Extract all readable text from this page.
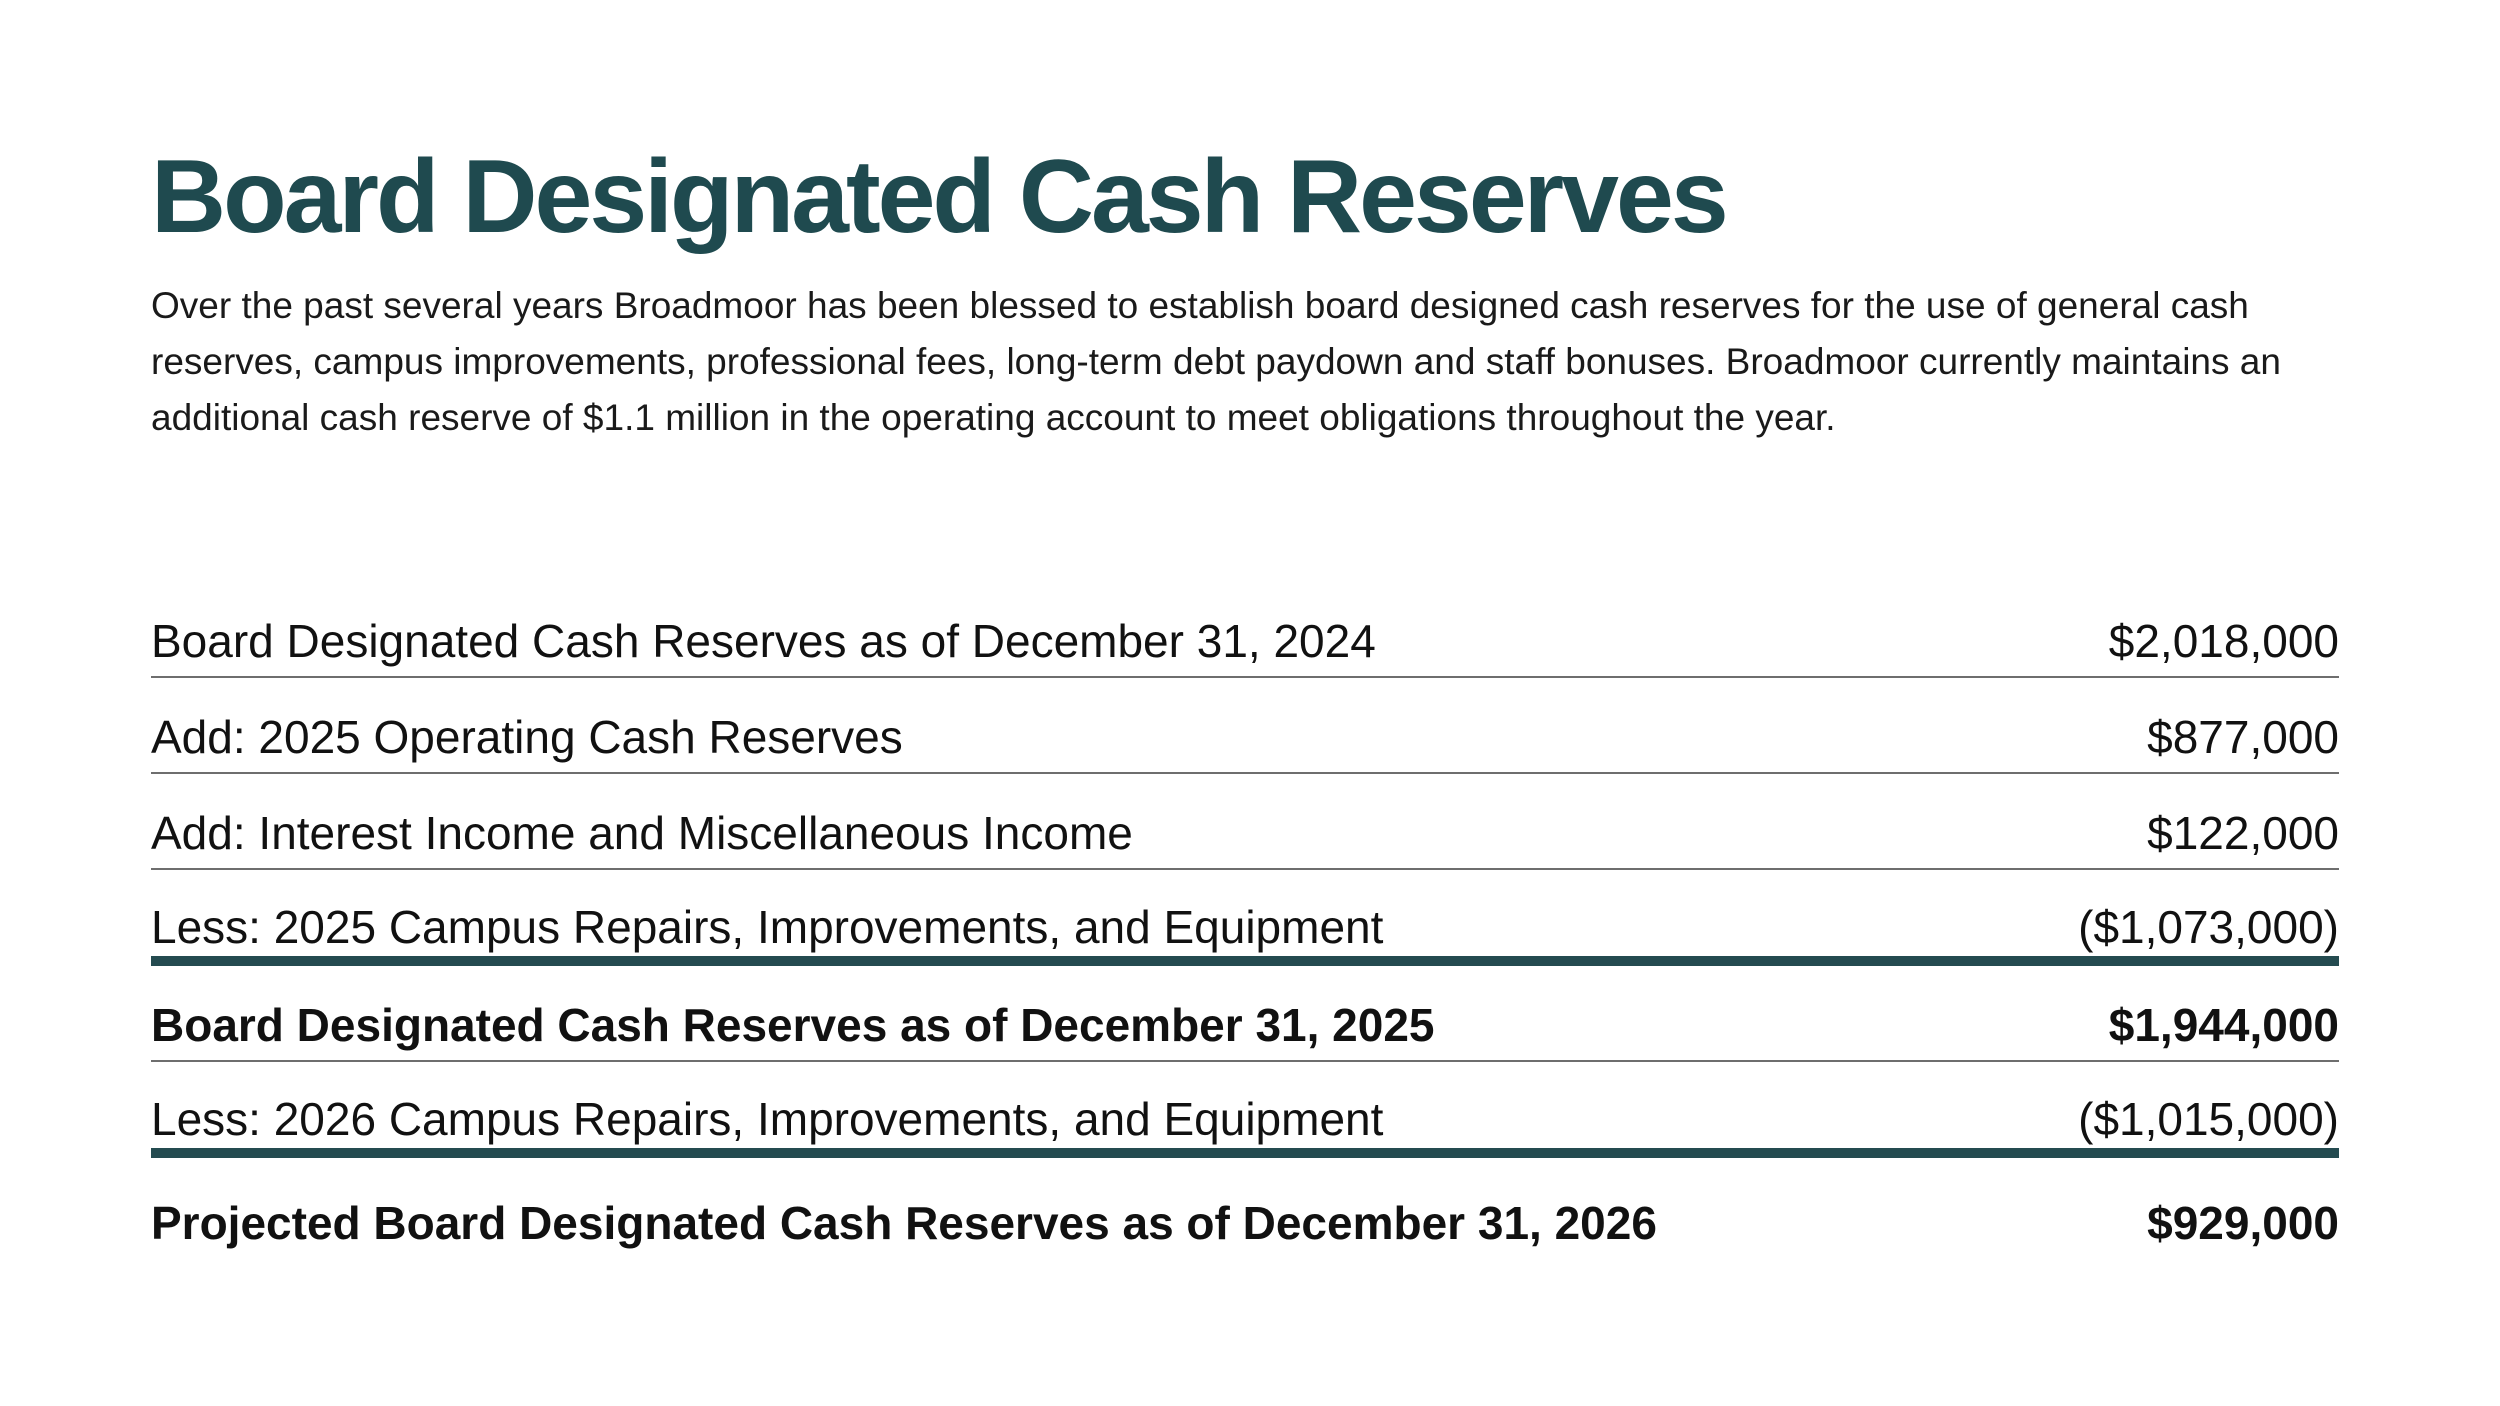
Board Designated Cash Reserves

Over the past several years Broadmoor has been blessed to establish board designed cash reserves for the use of general cash reserves, campus improvements, professional fees, long-term debt paydown and staff bonuses. Broadmoor currently maintains an additional cash reserve of $1.1 million in the operating account to meet obligations throughout the year.

Board Designated Cash Reserves as of December 31, 2024	$2,018,000
Add: 2025 Operating Cash Reserves	$877,000
Add: Interest Income and Miscellaneous Income	$122,000
Less: 2025 Campus Repairs, Improvements, and Equipment	($1,073,000)
Board Designated Cash Reserves as of December 31, 2025	$1,944,000
Less: 2026 Campus Repairs, Improvements, and Equipment	($1,015,000)
Projected Board Designated Cash Reserves as of December 31, 2026	$929,000
